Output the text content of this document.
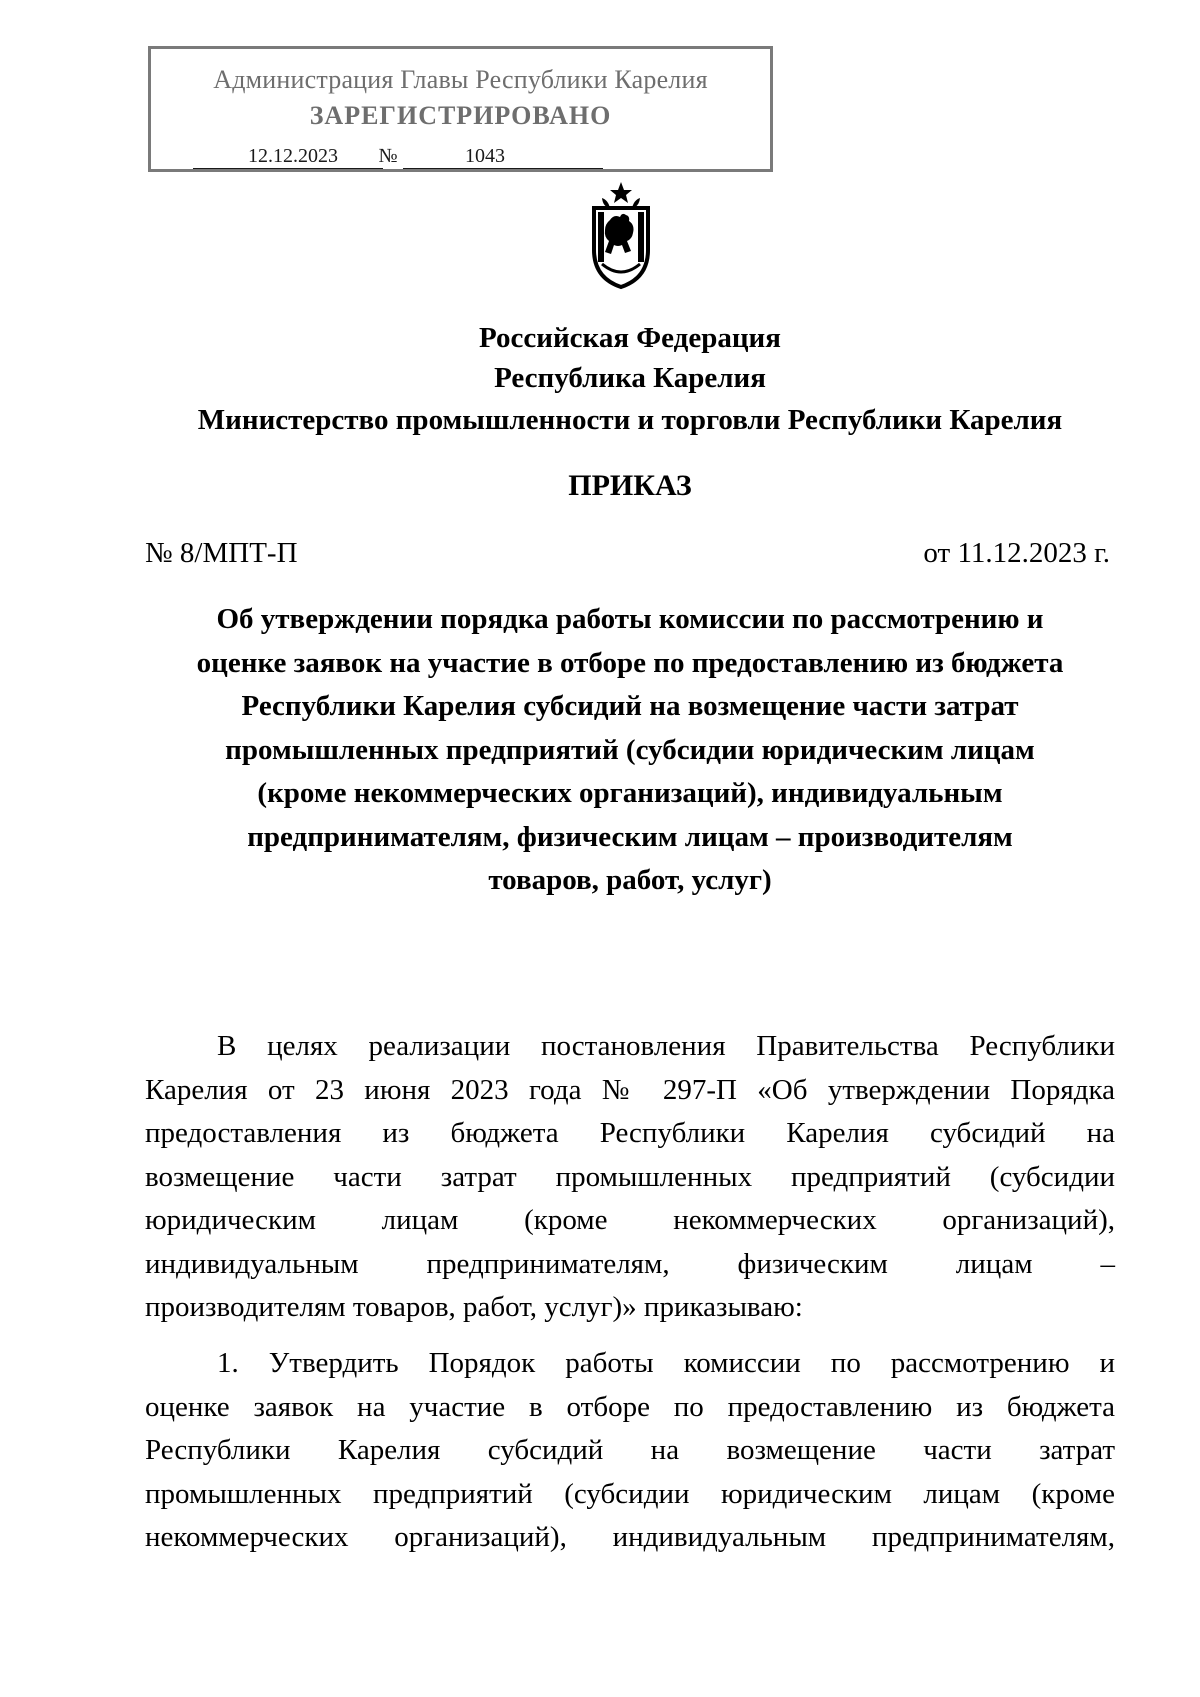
Администрация Главы Республики Карелия
ЗАРЕГИСТРИРОВАНО
12.12.2023	№	1043
Российская Федерация
Республика Карелия
Министерство промышленности и торговли Республики Карелия
ПРИКАЗ
№ 8/МПТ-П	от 11.12.2023 г.
Об утверждении порядка работы комиссии по рассмотрению и
оценке заявок на участие в отборе по предоставлению из бюджета
Республики Карелия субсидий на возмещение части затрат
промышленных предприятий (субсидии юридическим лицам
(кроме некоммерческих организаций), индивидуальным
предпринимателям, физическим лицам – производителям
товаров, работ, услуг)
В целях реализации постановления Правительства Республики
Карелия от 23 июня 2023 года № 297-П «Об утверждении Порядка
предоставления из бюджета Республики Карелия субсидий на
возмещение части затрат промышленных предприятий (субсидии
юридическим лицам (кроме некоммерческих организаций),
индивидуальным предпринимателям, физическим лицам –
производителям товаров, работ, услуг)» приказываю:
1. Утвердить Порядок работы комиссии по рассмотрению и
оценке заявок на участие в отборе по предоставлению из бюджета
Республики Карелия субсидий на возмещение части затрат
промышленных предприятий (субсидии юридическим лицам (кроме
некоммерческих организаций), индивидуальным предпринимателям,
